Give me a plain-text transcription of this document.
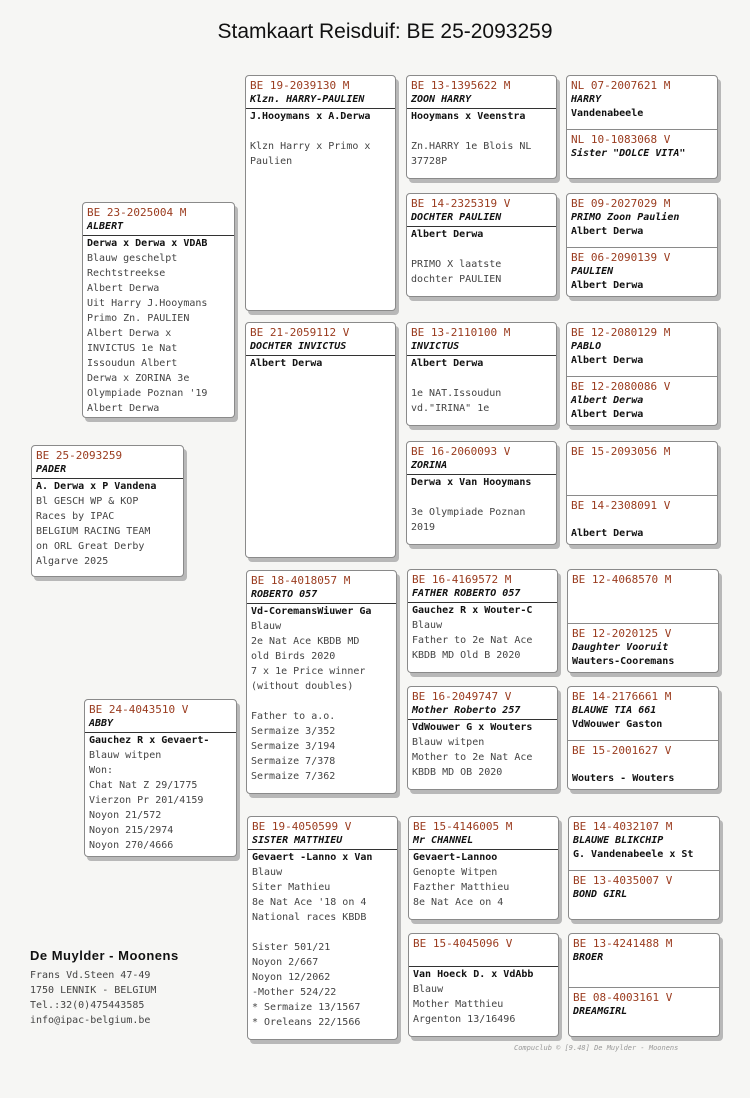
Stamkaart Reisduif: BE 25-2093259
BE 25-2093259
PADER
A. Derwa x P Vandena
Bl GESCH WP & KOP
Races by IPAC
BELGIUM RACING TEAM
on ORL Great Derby
Algarve 2025
BE 23-2025004 M
ALBERT
Derwa x Derwa x VDAB
Blauw geschelpt
Rechtstreekse
Albert Derwa
Uit Harry J.Hooymans
Primo Zn. PAULIEN
Albert Derwa x
INVICTUS 1e Nat
Issoudun Albert
Derwa x ZORINA 3e
Olympiade Poznan '19
Albert Derwa
BE 24-4043510 V
ABBY
Gauchez R x Gevaert-
Blauw witpen
Won:
Chat Nat Z 29/1775
Vierzon Pr 201/4159
Noyon 21/572
Noyon 215/2974
Noyon 270/4666
BE 19-2039130 M
Klzn. HARRY-PAULIEN
J.Hooymans x A.Derwa

Klzn Harry x Primo x
Paulien
BE 21-2059112 V
DOCHTER INVICTUS
Albert Derwa
BE 18-4018057 M
ROBERTO 057
Vd-CoremansWiuwer Ga
Blauw
2e Nat Ace KBDB MD
old Birds 2020
7 x 1e Price winner
(without doubles)

Father to a.o.
Sermaize 3/352
Sermaize 3/194
Sermaize 7/378
Sermaize 7/362
BE 19-4050599 V
SISTER MATTHIEU
Gevaert -Lanno x Van
Blauw
Siter Mathieu
8e Nat Ace '18 on 4
National races KBDB

Sister 501/21
Noyon 2/667
Noyon 12/2062
-Mother 524/22
* Sermaize 13/1567
* Oreleans 22/1566
BE 13-1395622 M
ZOON HARRY
Hooymans x Veenstra

Zn.HARRY 1e Blois NL
37728P
BE 14-2325319 V
DOCHTER PAULIEN
Albert Derwa

PRIMO X laatste
dochter PAULIEN
BE 13-2110100 M
INVICTUS
Albert Derwa

1e NAT.Issoudun
vd."IRINA" 1e
BE 16-2060093 V
ZORINA
Derwa x Van Hooymans

3e Olympiade Poznan
2019
BE 16-4169572 M
FATHER ROBERTO 057
Gauchez R x Wouter-C
Blauw
Father to 2e Nat Ace
KBDB MD Old B 2020
BE 16-2049747 V
Mother Roberto 257
VdWouwer G x Wouters
Blauw witpen
Mother to 2e Nat Ace
KBDB MD OB 2020
BE 15-4146005 M
Mr CHANNEL
Gevaert-Lannoo
Genopte Witpen
Fazther Matthieu
8e Nat Ace on 4
BE 15-4045096 V

Van Hoeck D. x VdAbb
Blauw
Mother Matthieu
Argenton 13/16496
NL 07-2007621 M
HARRY
Vandenabeele
NL 10-1083068 V
Sister "DOLCE VITA"

BE 09-2027029 M
PRIMO Zoon Paulien
Albert Derwa
BE 06-2090139 V
PAULIEN
Albert Derwa
BE 12-2080129 M
PABLO
Albert Derwa
BE 12-2080086 V
Albert Derwa
Albert Derwa
BE 15-2093056 M

BE 14-2308091 V

Albert Derwa
BE 12-4068570 M

BE 12-2020125 V
Daughter Vooruit
Wauters-Cooremans
BE 14-2176661 M
BLAUWE TIA 661
VdWouwer Gaston
BE 15-2001627 V

Wouters - Wouters
BE 14-4032107 M
BLAUWE BLIKCHIP
G. Vandenabeele x St
BE 13-4035007 V
BOND GIRL

BE 13-4241488 M
BROER

BE 08-4003161 V
DREAMGIRL

De Muylder - Moonens
Frans Vd.Steen 47-49
1750 LENNIK - BELGIUM
Tel.:32(0)475443585
info@ipac-belgium.be
Compuclub © [9.48] De Muylder - Moonens
